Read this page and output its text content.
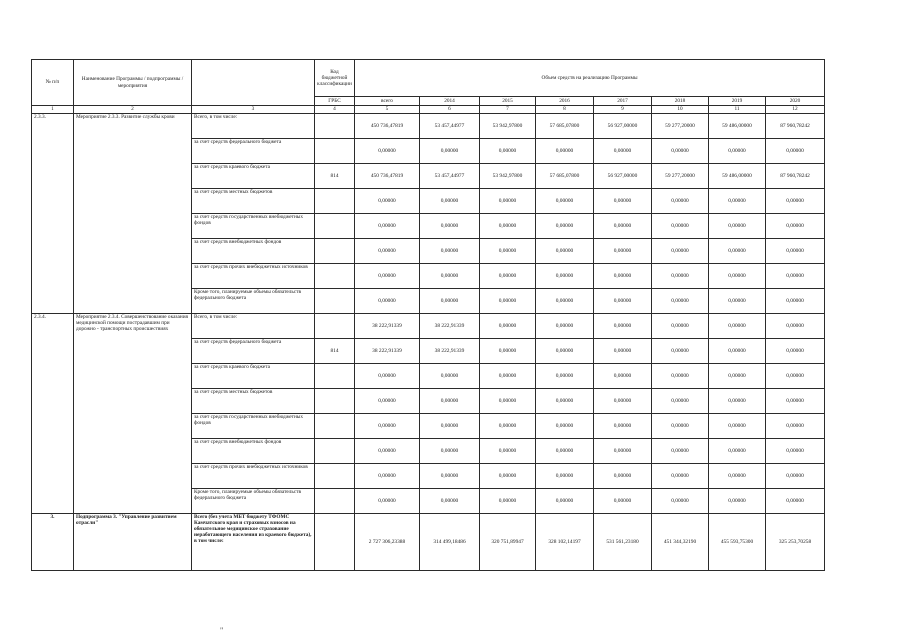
№ п/п	Наименование Программы / подпрограммы / мероприятия		Код бюджетной классификации	Объем средств на реализацию Программы							
			ГРБС	всего	2014	2015	2016	2017	2018	2019	2020
1	2	3	4	5	6	7	8	9	10	11	12
2.3.3.	Мероприятие 2.3.3. Развитие службы крови	Всего, в том числе:		450 736,47819	53 457,44977	53 942,97800	57 685,07800	56 927,00000	59 277,20000	59 486,00000	87 960,78242
		за счет средств федерального бюджета		0,00000	0,00000	0,00000	0,00000	0,00000	0,00000	0,00000	0,00000
		за счет средств краевого бюджета	814	450 736,47819	53 457,44977	53 942,97800	57 685,07800	56 927,00000	59 277,20000	59 486,00000	87 960,78242
		за счет средств местных бюджетов		0,00000	0,00000	0,00000	0,00000	0,00000	0,00000	0,00000	0,00000
		за счет средств государственных внебюджетных фондов		0,00000	0,00000	0,00000	0,00000	0,00000	0,00000	0,00000	0,00000
		за счет средств внебюджетных фондов		0,00000	0,00000	0,00000	0,00000	0,00000	0,00000	0,00000	0,00000
		за счет средств прочих внебюджетных источников		0,00000	0,00000	0,00000	0,00000	0,00000	0,00000	0,00000	0,00000
		Кроме того, планируемые объемы обязательств федерального бюджета		0,00000	0,00000	0,00000	0,00000	0,00000	0,00000	0,00000	0,00000
2.3.4.	Мероприятие 2.3.4. Совершенствование оказания медицинской помощи пострадавшим при дорожно - транспортных происшествиях	Всего, в том числе:		38 222,91339	38 222,91339	0,00000	0,00000	0,00000	0,00000	0,00000	0,00000
		за счет средств федерального бюджета	814	38 222,91339	38 222,91339	0,00000	0,00000	0,00000	0,00000	0,00000	0,00000
		за счет средств краевого бюджета		0,00000	0,00000	0,00000	0,00000	0,00000	0,00000	0,00000	0,00000
		за счет средств местных бюджетов		0,00000	0,00000	0,00000	0,00000	0,00000	0,00000	0,00000	0,00000
		за счет средств государственных внебюджетных фондов		0,00000	0,00000	0,00000	0,00000	0,00000	0,00000	0,00000	0,00000
		за счет средств внебюджетных фондов		0,00000	0,00000	0,00000	0,00000	0,00000	0,00000	0,00000	0,00000
		за счет средств прочих внебюджетных источников		0,00000	0,00000	0,00000	0,00000	0,00000	0,00000	0,00000	0,00000
		Кроме того, планируемые объемы обязательств федерального бюджета		0,00000	0,00000	0,00000	0,00000	0,00000	0,00000	0,00000	0,00000
3.	Подпрограмма 3. "Управление развитием отрасли"	Всего (без учета МБТ бюджету ТФОМС Камчатского края и страховых взносов на обязательное медицинское страхование неработающего населения из краевого бюджета), в том числе:		2 727 306,23388	314 499,18486	320 751,89947	328 102,14197	531 561,23180	451 344,32190	455 593,75300	325 253,70258
"
